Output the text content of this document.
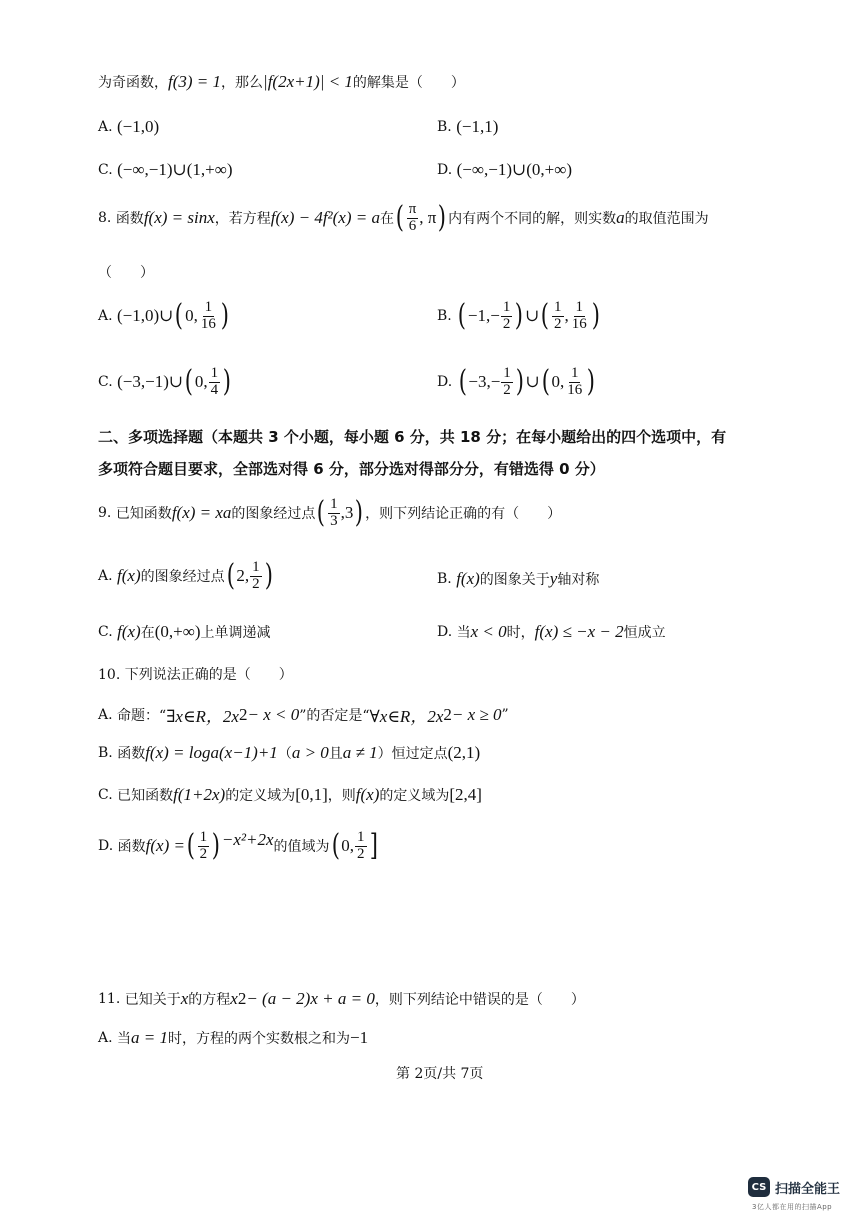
为奇函数， f(3) = 1 ，那么 |f(2x+1)| < 1 的解集是（　　）
A.
(−1,0)	B.
(−1,1)
C.
(−∞,−1)∪(1,+∞)	D.
(−∞,−1)∪(0,+∞)
8.
函数 f(x) = sinx ，若方程 f(x) − 4f²(x) = a 在 ( $\frac{\pi}{6}$ , π ) 内有两个不同的解，则实数 a 的取值范围为
（　　）
A.
(−1,0)∪ ( 0, $\frac{1}{16}$ )	B.
( $-1,- \frac{1}{2}$ ) ∪ ( $\frac{1}{2}$ , $\frac{1}{16}$ )
C.
(−3,−1)∪ ( 0, $\frac{1}{4}$ )	D.
( $-3,- \frac{1}{2}$ ) ∪ ( 0, $\frac{1}{16}$ )
二、多项选择题（本题共 3 个小题，每小题 6 分，共 18 分；在每小题给出的四个选项中，有
多项符合题目要求，全部选对得 6 分，部分选对得部分分，有错选得 0 分）
9.
已知函数 f(x) = x a 的图象经过点 ( $\frac{1}{3} ,3$ ) ，则下列结论正确的有（　　）
A.
f(x) 的图象经过点 ( 2, $\frac{1}{2}$ )	B.
f(x) 的图象关于 y 轴对称
C.
f(x) 在 (0,+∞) 上单调递减	D.
当 x < 0 时， f(x) ≤ −x − 2 恒成立
10. 下列说法正确的是（　　）
A.
命题：“ ∃x∈R，2x 2 − x < 0 ”的否定是“ ∀x∈R，2x 2 − x ≥ 0 ”
B.
函数 f(x) = log a (x−1)+1 （ a > 0 且 a ≠ 1 ）恒过定点 (2,1)
C.
已知函数 f(1+2x) 的定义域为 [0,1] ，则 f(x) 的定义域为 [2,4]
D.
函数 f(x) = ( $\frac{1}{2}$ ) −x²+2x 的值域为 ( 0, $\frac{1}{2}$ ]
11.
已知关于 x 的方程 x 2 − (a − 2)x + a = 0 ，则下列结论中错误的是（　　）
A.
当 a = 1 时，方程的两个实数根之和为 −1
第 2页/共 7页
CS 扫描全能王
3亿人都在用的扫描App
